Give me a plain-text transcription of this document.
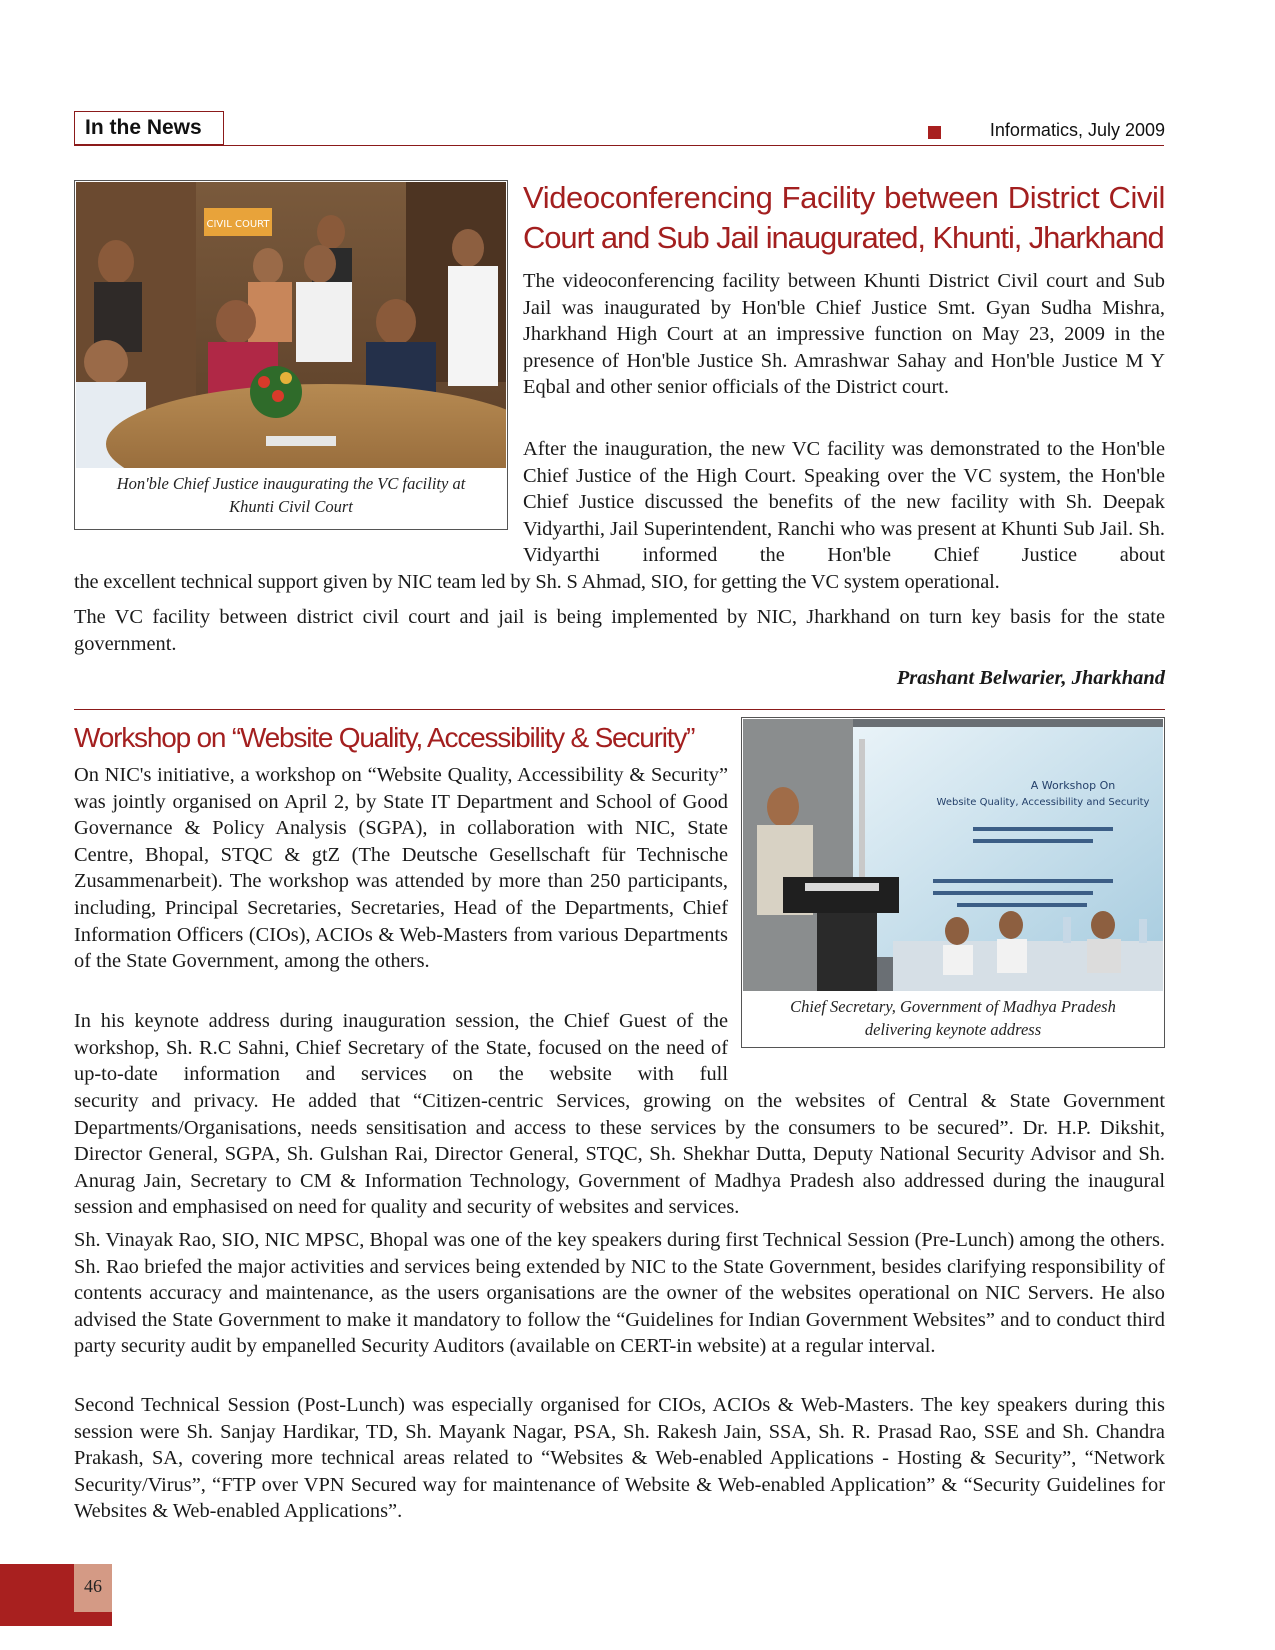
In the News	Informatics, July 2009
CIVIL COURT
Hon'ble Chief Justice inaugurating the VC facility at
Khunti Civil Court
Videoconferencing Facility between District Civil
Court and Sub Jail inaugurated, Khunti, Jharkhand

The videoconferencing facility between Khunti District Civil court and Sub Jail was inaugurated by Hon'ble Chief Justice Smt. Gyan Sudha Mishra, Jharkhand High Court at an impressive function on May 23, 2009 in the presence of Hon'ble Justice Sh. Amrashwar Sahay and Hon'ble Justice M Y Eqbal and other senior officials of the District court.

After the inauguration, the new VC facility was demonstrated to the Hon'ble Chief Justice of the High Court. Speaking over the VC system, the Hon'ble Chief Justice discussed the benefits of the new facility with Sh. Deepak Vidyarthi, Jail Superintendent, Ranchi who was present at Khunti Sub Jail. Sh. Vidyarthi informed the Hon'ble Chief Justice about

the excellent technical support given by NIC team led by Sh. S Ahmad, SIO, for getting the VC system operational.

The VC facility between district civil court and jail is being implemented by NIC, Jharkhand on turn key basis for the state government.

Prashant Belwarier, Jharkhand
Workshop on “Website Quality, Accessibility & Security”
A Workshop On
Website Quality, Accessibility and Security
Chief Secretary, Government of Madhya Pradesh
delivering keynote address

On NIC's initiative, a workshop on “Website Quality, Accessibility & Security” was jointly organised on April 2, by State IT Department and School of Good Governance & Policy Analysis (SGPA), in collaboration with NIC, State Centre, Bhopal, STQC & gtZ (The Deutsche Gesellschaft für Technische Zusammenarbeit). The workshop was attended by more than 250 participants, including, Principal Secretaries, Secretaries, Head of the Departments, Chief Information Officers (CIOs), ACIOs & Web-Masters from various Departments of the State Government, among the others.

In his keynote address during inauguration session, the Chief Guest of the workshop, Sh. R.C Sahni, Chief Secretary of the State, focused on the need of up-to-date information and services on the website with full

security and privacy. He added that “Citizen-centric Services, growing on the websites of Central & State Government Departments/Organisations, needs sensitisation and access to these services by the consumers to be secured”. Dr. H.P. Dikshit, Director General, SGPA, Sh. Gulshan Rai, Director General, STQC, Sh. Shekhar Dutta, Deputy National Security Advisor and Sh. Anurag Jain, Secretary to CM & Information Technology, Government of Madhya Pradesh also addressed during the inaugural session and emphasised on need for quality and security of websites and services.

Sh. Vinayak Rao, SIO, NIC MPSC, Bhopal was one of the key speakers during first Technical Session (Pre-Lunch) among the others. Sh. Rao briefed the major activities and services being extended by NIC to the State Government, besides clarifying responsibility of contents accuracy and maintenance, as the users organisations are the owner of the websites operational on NIC Servers. He also advised the State Government to make it mandatory to follow the “Guidelines for Indian Government Websites” and to conduct third party security audit by empanelled Security Auditors (available on CERT-in website) at a regular interval.

Second Technical Session (Post-Lunch) was especially organised for CIOs, ACIOs & Web-Masters. The key speakers during this session were Sh. Sanjay Hardikar, TD, Sh. Mayank Nagar, PSA, Sh. Rakesh Jain, SSA, Sh. R. Prasad Rao, SSE and Sh. Chandra Prakash, SA, covering more technical areas related to “Websites & Web-enabled Applications - Hosting & Security”, “Network Security/Virus”, “FTP over VPN Secured way for maintenance of Website & Web-enabled Application” & “Security Guidelines for Websites & Web-enabled Applications”.

46
